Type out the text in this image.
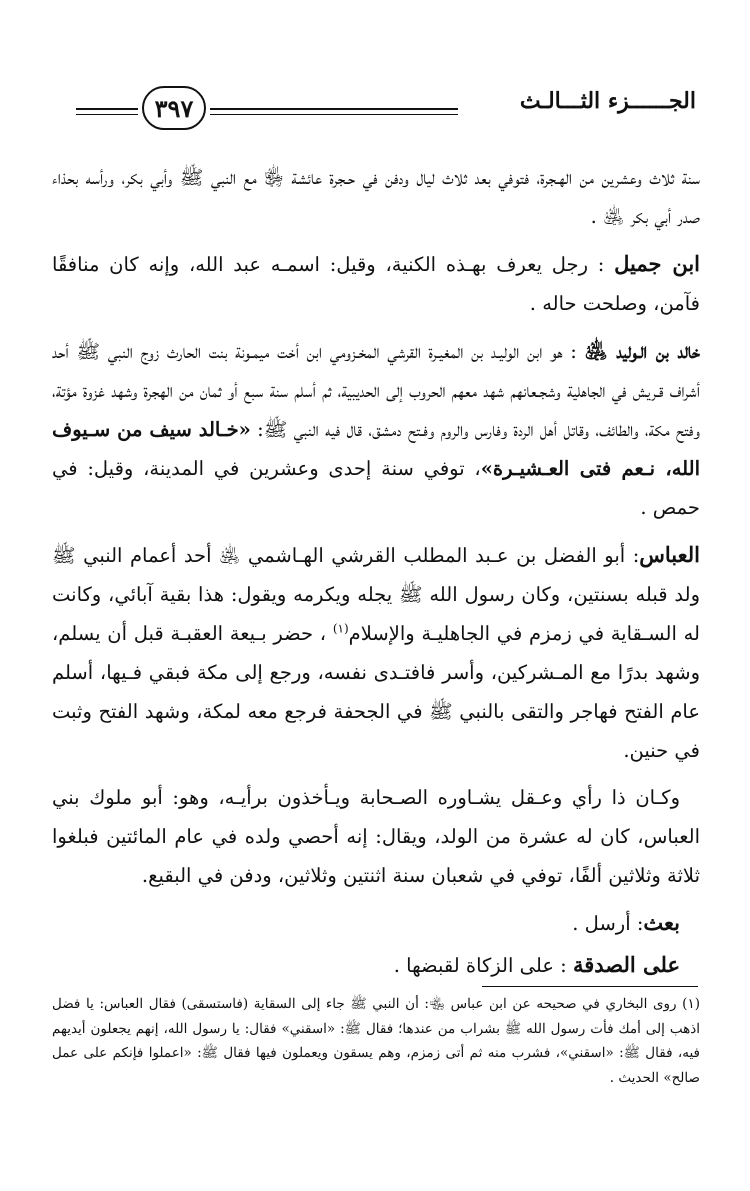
٣٩٧	الجــــــزء الثـــالـث

سنة ثلاث وعشرين من الهـجرة، فتوفي بعد ثلاث ليال ودفن في حـجرة عائشة ﵂ مع النبي ﷺ وأبي بكر، ورأسه بحذاء صدر أبي بكر ﵁ .

ابن جميل : رجل يعرف بهـذه الكنية، وقيل: اسمـه عبد الله، وإنه كان منافقًا فآمن، وصلحت حاله .

خالد بن الـوليد ﵁ : هو ابن الوليـد بن المغيـرة القرشي المخـزومي ابن أخت ميمـونة بنت الحارث زوج النبي ﷺ أحد أشراف قـريش في الجاهلية وشجـعانهم شهد معهم الحروب إلى الحديبية، ثم أسلم سنة سبع أو ثمان من الهجرة وشهد غزوة مؤتة، وفتح مكة، والطائف، وقاتل أهل الردة وفارس والروم وفـتح دمشق، قال فيه النبي ﷺ: «خـالد سيف من سـيوف الله، نـعم فتى العـشيـرة»، توفي سنة إحدى وعشرين في المدينة، وقيل: في حمص .

العباس: أبو الفضل بن عـبد المطلب القرشي الهـاشمي ﵁ أحد أعمام النبي ﷺ ولد قبله بسنتين، وكان رسول الله ﷺ يجله ويكرمه ويقول: هذا بقية آبائي، وكانت له السـقاية في زمزم في الجاهليـة والإسلام$^{(١)}$ ، حضر بـيعة العقبـة قبل أن يسلم، وشهد بدرًا مع المـشركين، وأسر فافتـدى نفسه، ورجع إلى مكة فبقي فـيها، أسلم عام الفتح فهاجر والتقى بالنبي ﷺ في الجحفة فرجع معه لمكة، وشهد الفتح وثبت في حنين.

وكـان ذا رأي وعـقل يشـاوره الصـحابة ويـأخذون برأيـه، وهو: أبو ملوك بني العباس، كان له عشرة من الولد، ويقال: إنه أحصي ولده في عام المائتين فبلغوا ثلاثة وثلاثين ألفًا، توفي في شعبان سنة اثنتين وثلاثين، ودفن في البقيع.

بعث: أرسل .

على الصدقة : على الزكاة لقبضها .

(١) روى البخاري في صحيحه عن ابن عباس ﵄: أن النبي ﷺ جاء إلى السقاية (فاستسقى) فقال العباس: يا فضل اذهب إلى أمك فأت رسول الله ﷺ بشراب من عندها؛ فقال ﷺ: «اسقني» فقال: يا رسول الله، إنهم يجعلون أيديهم فيه، فقال ﷺ: «اسقني»، فشرب منه ثم أتى زمزم، وهم يسقون ويعملون فيها فقال ﷺ: «اعملوا فإنكم على عمل صالح» الحديث .
